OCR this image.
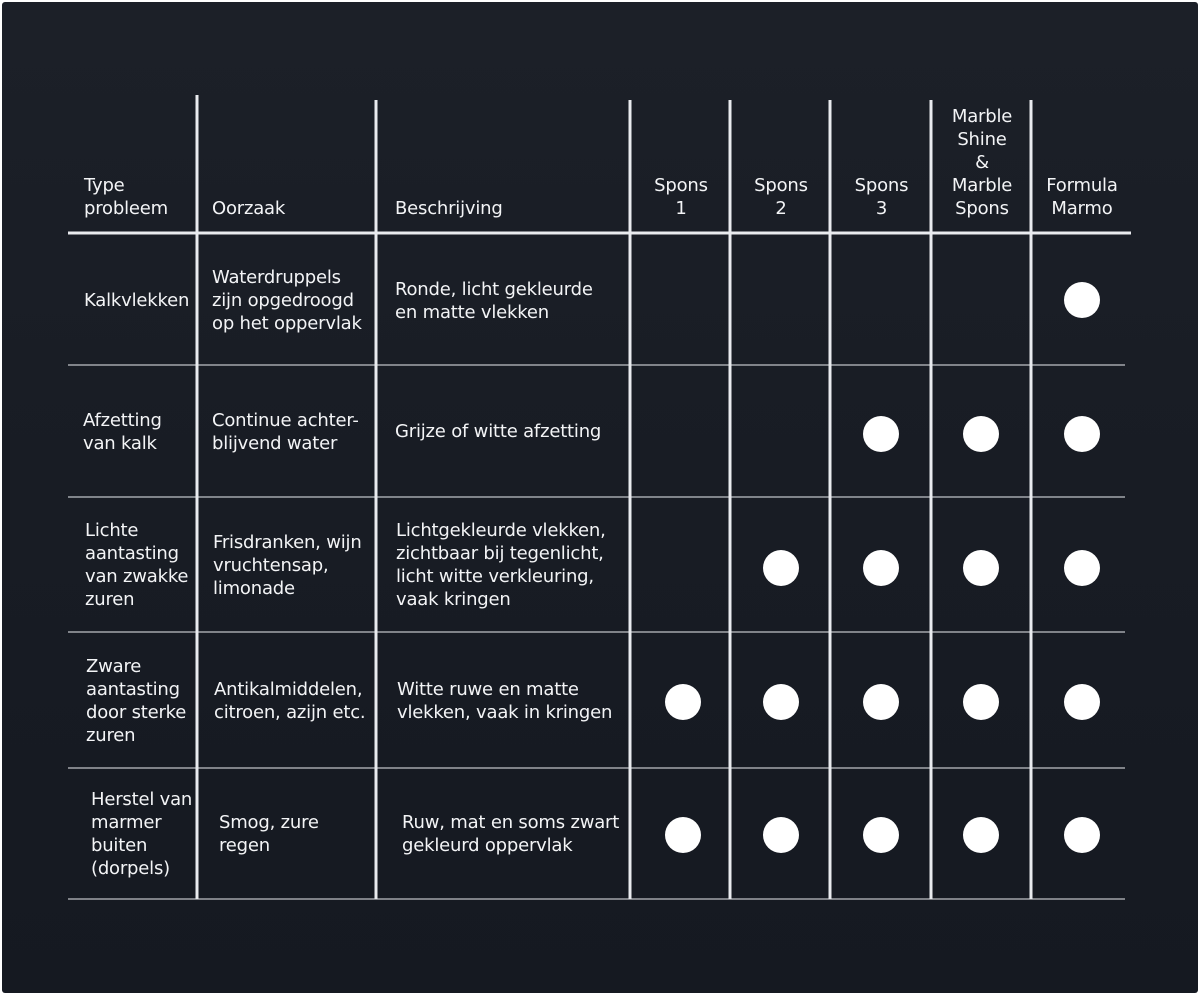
Type
probleem	Oorzaak	Beschrijving
Spons
1
Spons
2
Spons
3
Marble
Shine
&
Marble
Spons
Formula
Marmo
Kalkvlekken
Waterdruppels
zijn opgedroogd
op het oppervlak
Ronde, licht gekleurde
en matte vlekken
Afzetting
van kalk
Continue achter-
blijvend water
Grijze of witte afzetting
Lichte
aantasting
van zwakke
zuren
Frisdranken, wijn
vruchtensap,
limonade
Lichtgekleurde vlekken,
zichtbaar bij tegenlicht,
licht witte verkleuring,
vaak kringen
Zware
aantasting
door sterke
zuren
Antikalmiddelen,
citroen, azijn etc.
Witte ruwe en matte
vlekken, vaak in kringen
Herstel van
marmer
buiten
(dorpels)
Smog, zure
regen
Ruw, mat en soms zwart
gekleurd oppervlak
